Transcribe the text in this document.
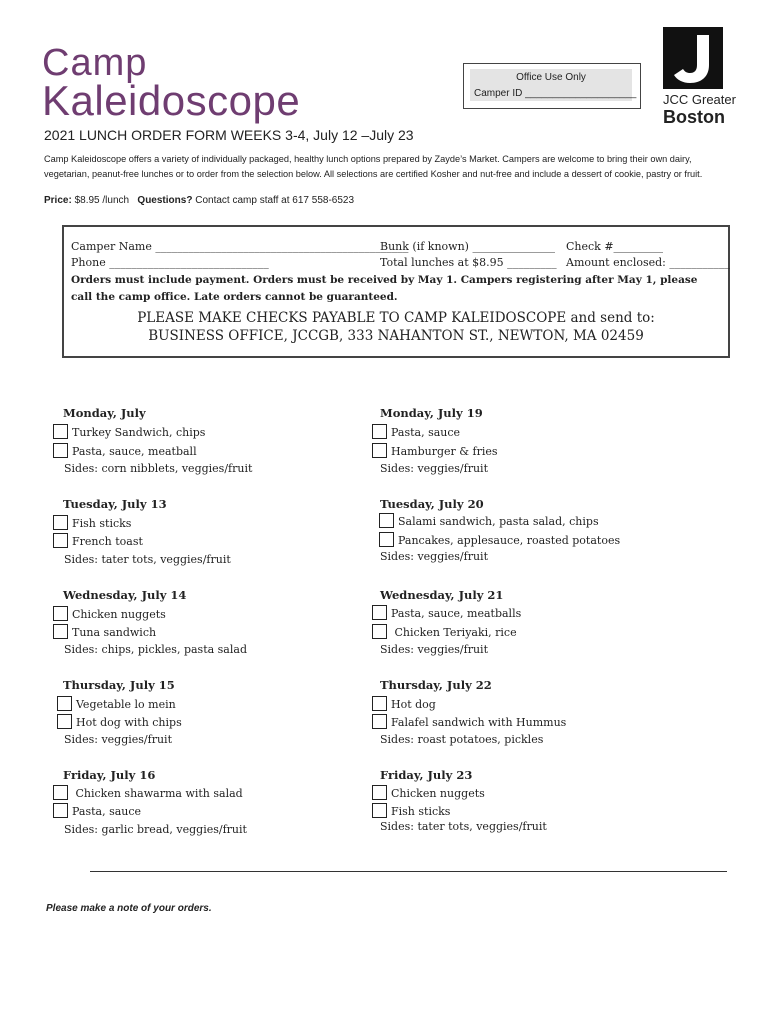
Camp
Kaleidoscope	Office Use Only
Camper ID ____________________ JCC Greater
Boston
2021 LUNCH ORDER FORM WEEKS 3-4, July 12 –July 23
Camp Kaleidoscope offers a variety of individually packaged, healthy lunch options prepared by Zayde’s Market. Campers are welcome to bring their own dairy, vegetarian, peanut-free lunches or to order from the selection below. All selections are certified Kosher and nut-free and include a dessert of cookie, pastry or fruit.
Price: $8.95 /lunch Questions? Contact camp staff at 617 558-6523
Camper Name ______________________________________________
Bunk (if known) _______________ Check #_________
Phone _____________________________	Total lunches at $8.95 _________ Amount enclosed: ___________
Orders must include payment. Orders must be received by May 1. Campers registering after May 1, please call the camp office. Late orders cannot be guaranteed.
PLEASE MAKE CHECKS PAYABLE TO CAMP KALEIDOSCOPE and send to:
BUSINESS OFFICE, JCCGB, 333 NAHANTON ST., NEWTON, MA 02459
Monday, July
Turkey Sandwich, chips
Pasta, sauce, meatball
Sides: corn nibblets, veggies/fruit
Tuesday, July 13
Fish sticks
French toast
Sides: tater tots, veggies/fruit
Wednesday, July 14
Chicken nuggets
Tuna sandwich
Sides: chips, pickles, pasta salad
Thursday, July 15
Vegetable lo mein
Hot dog with chips
Sides: veggies/fruit
Friday, July 16
Chicken shawarma with salad
Pasta, sauce
Sides: garlic bread, veggies/fruit
Monday, July 19
Pasta, sauce
Hamburger & fries
Sides: veggies/fruit
Tuesday, July 20
Salami sandwich, pasta salad, chips
Pancakes, applesauce, roasted potatoes
Sides: veggies/fruit
Wednesday, July 21
Pasta, sauce, meatballs
Chicken Teriyaki, rice
Sides: veggies/fruit
Thursday, July 22
Hot dog
Falafel sandwich with Hummus
Sides: roast potatoes, pickles
Friday, July 23
Chicken nuggets
Fish sticks
Sides: tater tots, veggies/fruit
Please make a note of your orders.
